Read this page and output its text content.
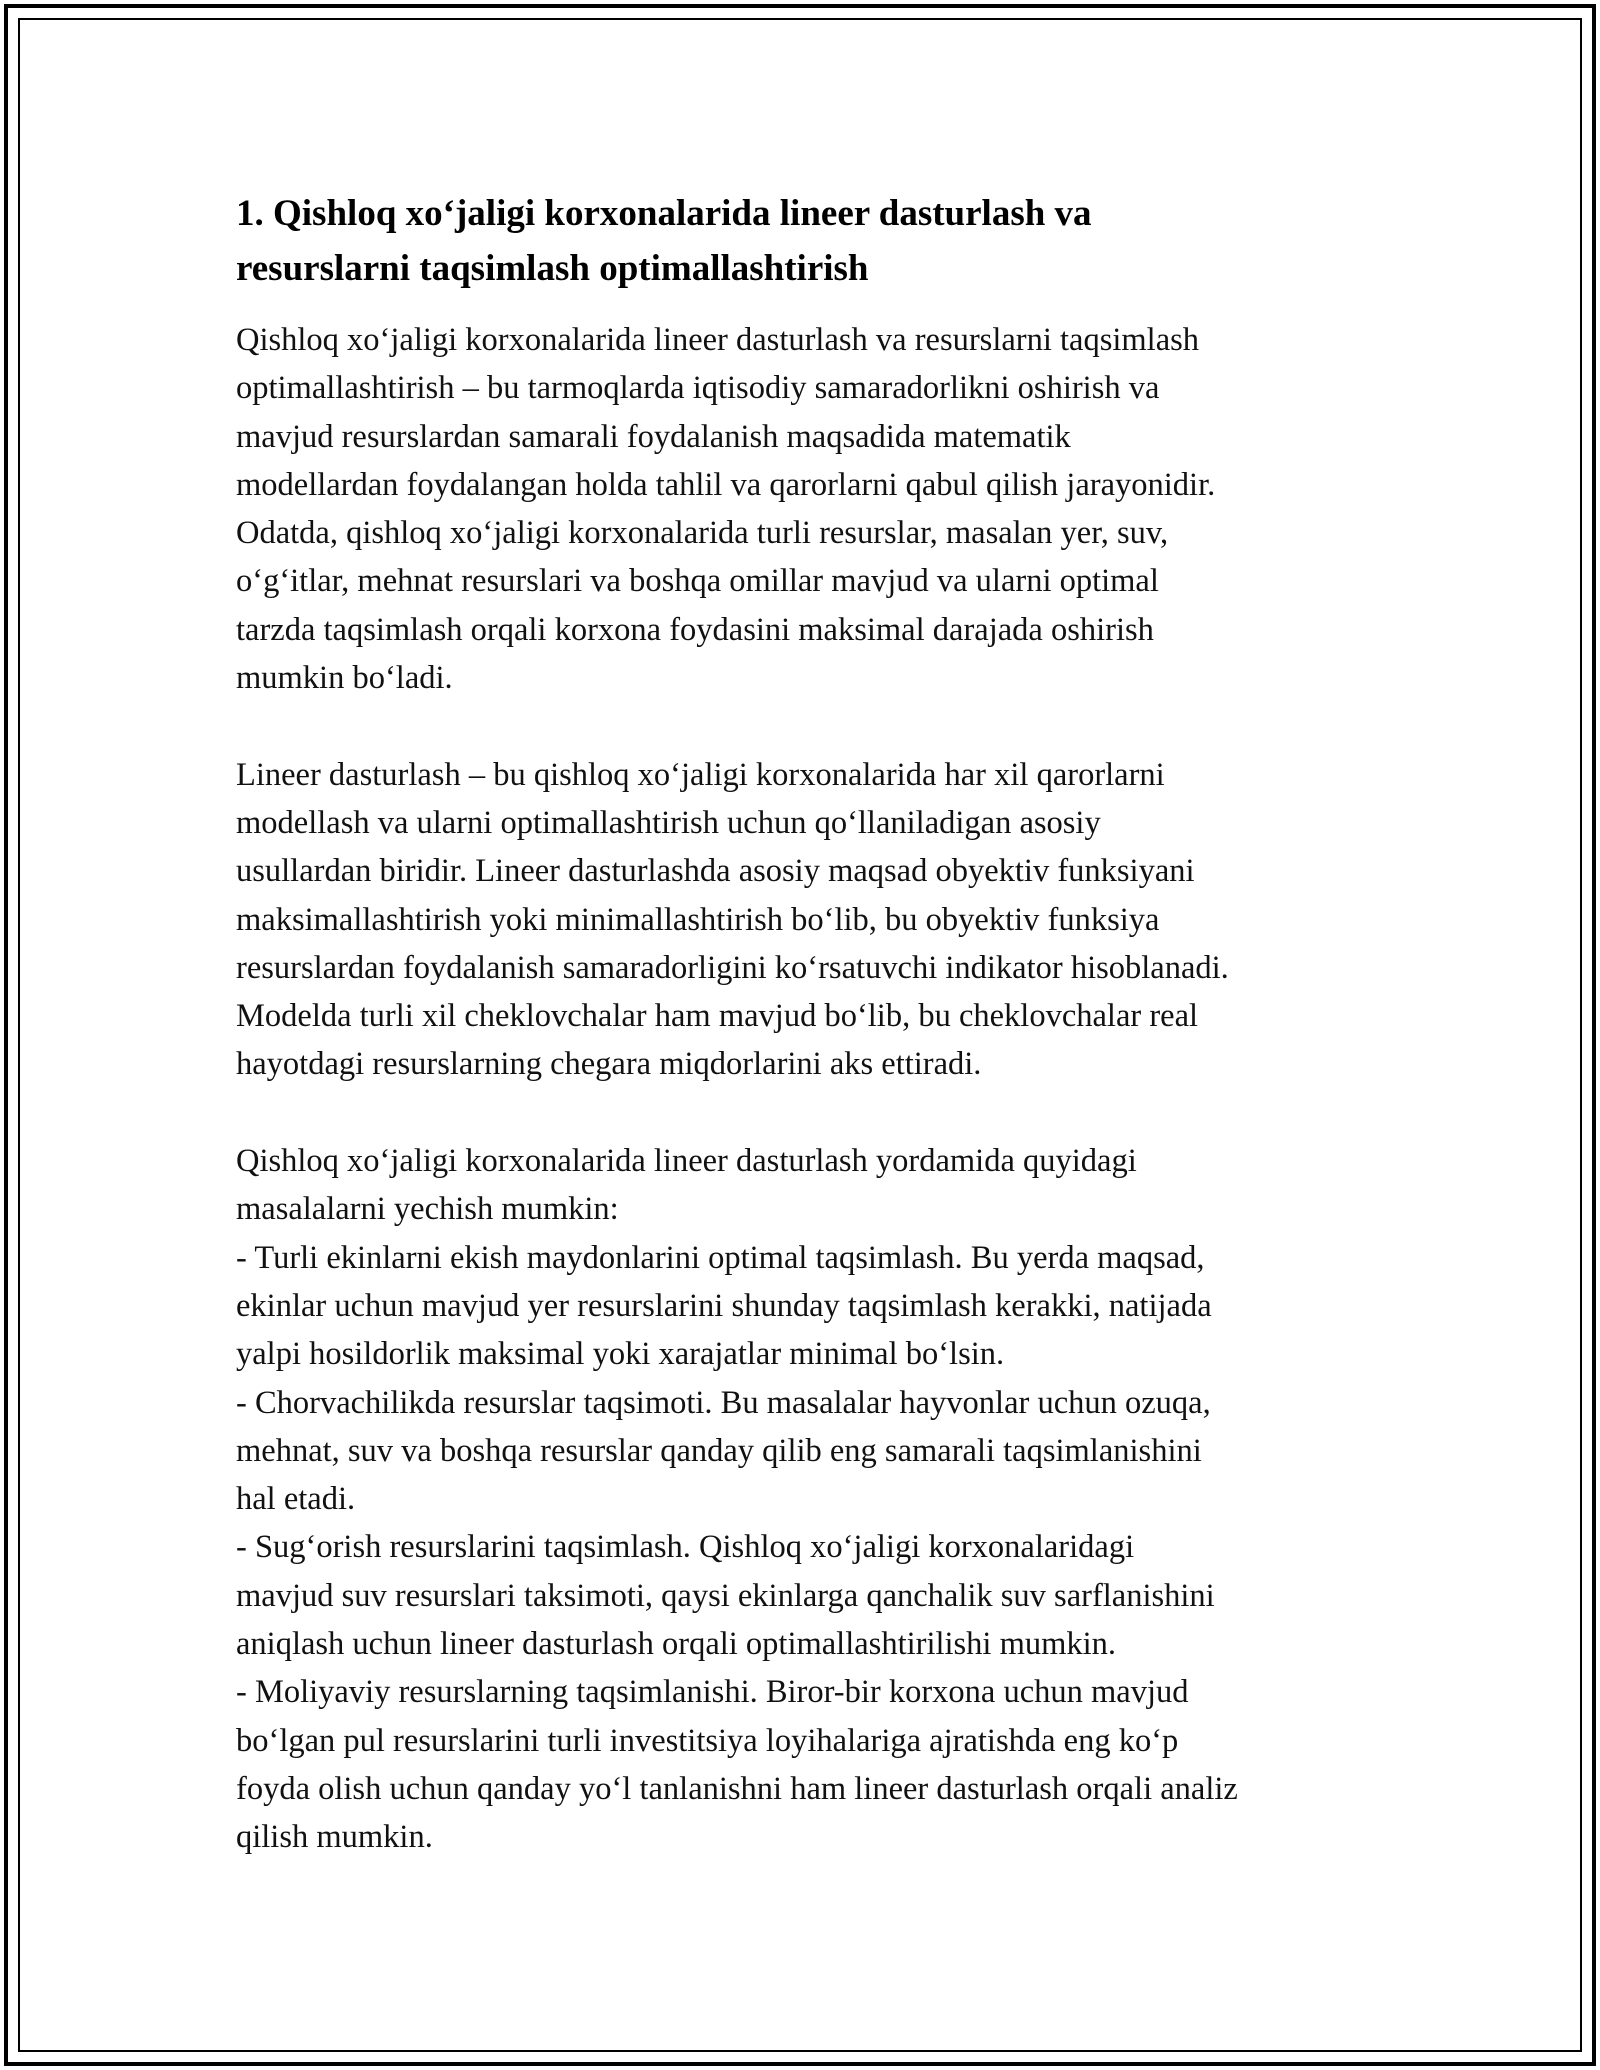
1. Qishloq xo‘jaligi korxonalarida lineer dasturlash va
resurslarni taqsimlash optimallashtirish
Qishloq xo‘jaligi korxonalarida lineer dasturlash va resurslarni taqsimlash
optimallashtirish – bu tarmoqlarda iqtisodiy samaradorlikni oshirish va
mavjud resurslardan samarali foydalanish maqsadida matematik
modellardan foydalangan holda tahlil va qarorlarni qabul qilish jarayonidir.
Odatda, qishloq xo‘jaligi korxonalarida turli resurslar, masalan yer, suv,
o‘g‘itlar, mehnat resurslari va boshqa omillar mavjud va ularni optimal
tarzda taqsimlash orqali korxona foydasini maksimal darajada oshirish
mumkin bo‘ladi.

Lineer dasturlash – bu qishloq xo‘jaligi korxonalarida har xil qarorlarni
modellash va ularni optimallashtirish uchun qo‘llaniladigan asosiy
usullardan biridir. Lineer dasturlashda asosiy maqsad obyektiv funksiyani
maksimallashtirish yoki minimallashtirish bo‘lib, bu obyektiv funksiya
resurslardan foydalanish samaradorligini ko‘rsatuvchi indikator hisoblanadi.
Modelda turli xil cheklovchalar ham mavjud bo‘lib, bu cheklovchalar real
hayotdagi resurslarning chegara miqdorlarini aks ettiradi.

Qishloq xo‘jaligi korxonalarida lineer dasturlash yordamida quyidagi
masalalarni yechish mumkin:
- Turli ekinlarni ekish maydonlarini optimal taqsimlash. Bu yerda maqsad,
ekinlar uchun mavjud yer resurslarini shunday taqsimlash kerakki, natijada
yalpi hosildorlik maksimal yoki xarajatlar minimal bo‘lsin.
- Chorvachilikda resurslar taqsimoti. Bu masalalar hayvonlar uchun ozuqa,
mehnat, suv va boshqa resurslar qanday qilib eng samarali taqsimlanishini
hal etadi.
- Sug‘orish resurslarini taqsimlash. Qishloq xo‘jaligi korxonalaridagi
mavjud suv resurslari taksimoti, qaysi ekinlarga qanchalik suv sarflanishini
aniqlash uchun lineer dasturlash orqali optimallashtirilishi mumkin.
- Moliyaviy resurslarning taqsimlanishi. Biror-bir korxona uchun mavjud
bo‘lgan pul resurslarini turli investitsiya loyihalariga ajratishda eng ko‘p
foyda olish uchun qanday yo‘l tanlanishni ham lineer dasturlash orqali analiz
qilish mumkin.
